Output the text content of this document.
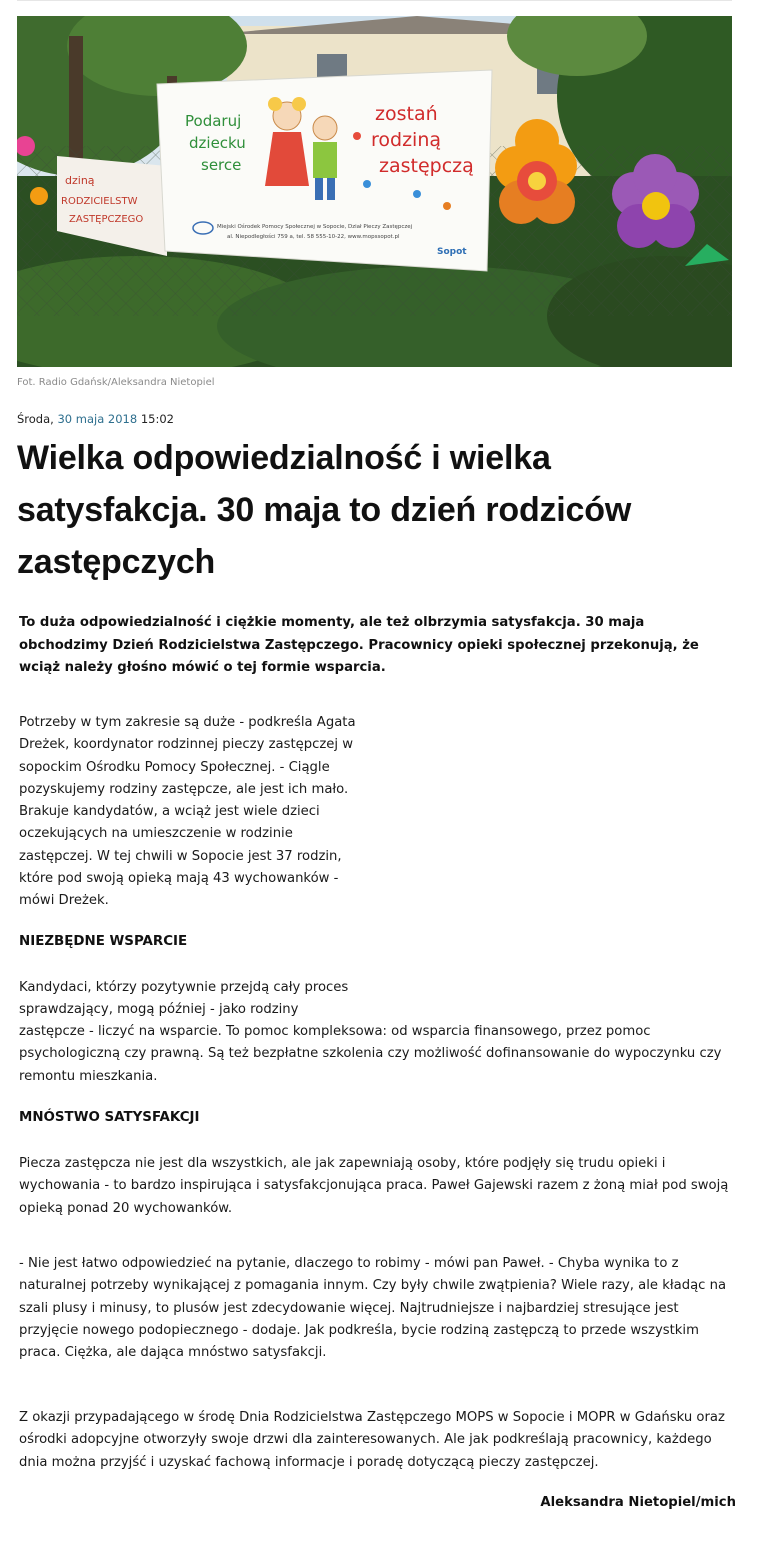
dziną
RODZICIELSTW
ZASTĘPCZEGO
Podaruj
dziecku
serce
zostań
rodziną
zastępczą
Miejski Ośrodek Pomocy Społecznej w Sopocie, Dział Pieczy Zastępczej
al. Niepodległości 759 a, tel. 58 555-10-22, www.mopssopot.pl
Sopot
Fot. Radio Gdańsk/Aleksandra Nietopiel
Środa, 30 maja 2018 15:02
Wielka odpowiedzialność i wielka satysfakcja. 30 maja to dzień rodziców zastępczych

To duża odpowiedzialność i ciężkie momenty, ale też olbrzymia satysfakcja. 30 maja obchodzimy Dzień Rodzicielstwa Zastępczego. Pracownicy opieki społecznej przekonują, że wciąż należy głośno mówić o tej formie wsparcia.

Potrzeby w tym zakresie są duże - podkreśla Agata Dreżek, koordynator rodzinnej pieczy zastępczej w sopockim Ośrodku Pomocy Społecznej. - Ciągle pozyskujemy rodziny zastępcze, ale jest ich mało. Brakuje kandydatów, a wciąż jest wiele dzieci oczekujących na umieszczenie w rodzinie zastępczej. W tej chwili w Sopocie jest 37 rodzin, które pod swoją opieką mają 43 wychowanków - mówi Dreżek.

NIEZBĘDNE WSPARCIE

Kandydaci, którzy pozytywnie przejdą cały proces sprawdzający, mogą później - jako rodziny

zastępcze - liczyć na wsparcie. To pomoc kompleksowa: od wsparcia finansowego, przez pomoc psychologiczną czy prawną. Są też bezpłatne szkolenia czy możliwość dofinansowanie do wypoczynku czy remontu mieszkania.

MNÓSTWO SATYSFAKCJI

Piecza zastępcza nie jest dla wszystkich, ale jak zapewniają osoby, które podjęły się trudu opieki i wychowania - to bardzo inspirująca i satysfakcjonująca praca. Paweł Gajewski razem z żoną miał pod swoją opieką ponad 20 wychowanków.

- Nie jest łatwo odpowiedzieć na pytanie, dlaczego to robimy - mówi pan Paweł. - Chyba wynika to z naturalnej potrzeby wynikającej z pomagania innym. Czy były chwile zwątpienia? Wiele razy, ale kładąc na szali plusy i minusy, to plusów jest zdecydowanie więcej. Najtrudniejsze i najbardziej stresujące jest przyjęcie nowego podopiecznego - dodaje. Jak podkreśla, bycie rodziną zastępczą to przede wszystkim praca. Ciężka, ale dająca mnóstwo satysfakcji.

Z okazji przypadającego w środę Dnia Rodzicielstwa Zastępczego MOPS w Sopocie i MOPR w Gdańsku oraz ośrodki adopcyjne otworzyły swoje drzwi dla zainteresowanych. Ale jak podkreślają pracownicy, każdego dnia można przyjść i uzyskać fachową informacje i poradę dotyczącą pieczy zastępczej.

Aleksandra Nietopiel/mich
